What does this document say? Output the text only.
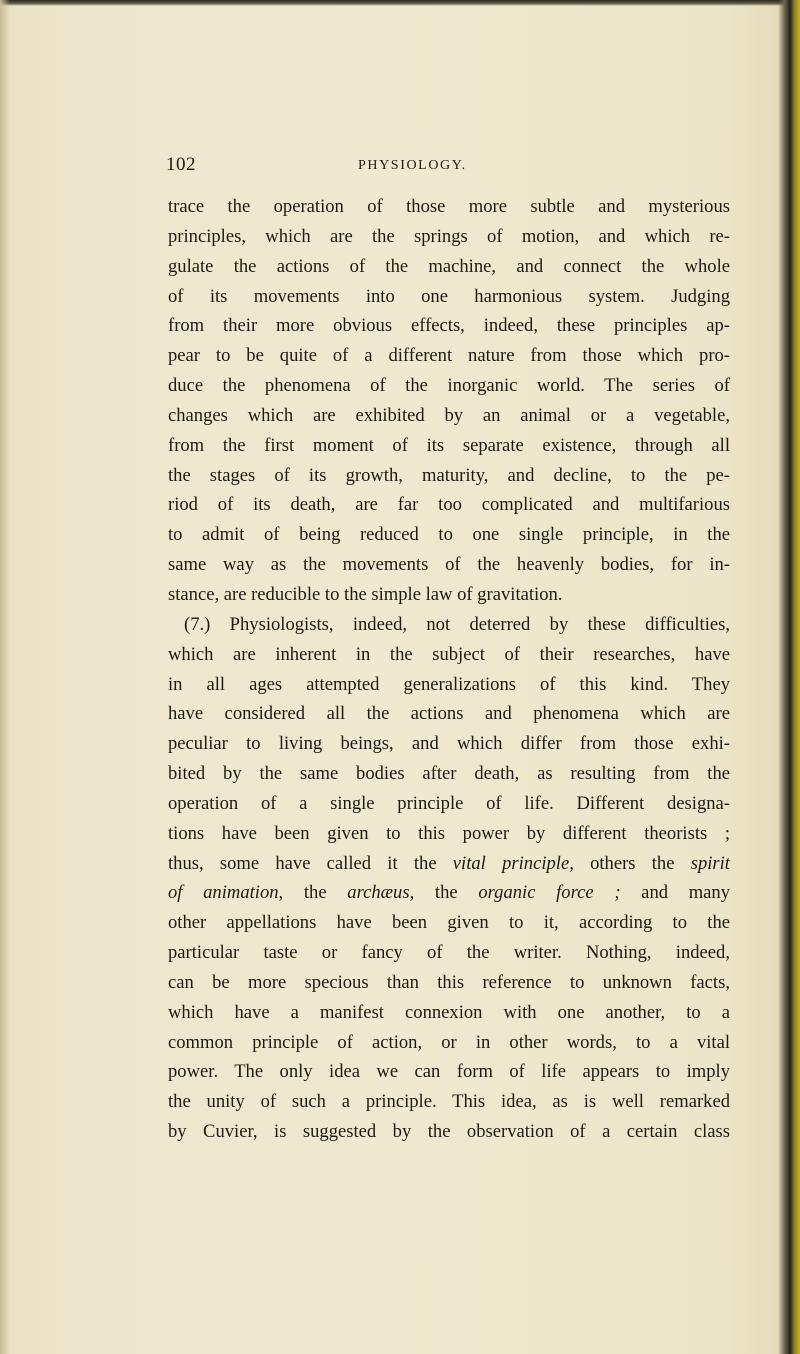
102	PHYSIOLOGY.
trace the operation of those more subtle and mysterious
principles, which are the springs of motion, and which re-
gulate the actions of the machine, and connect the whole
of its movements into one harmonious system. Judging
from their more obvious effects, indeed, these principles ap-
pear to be quite of a different nature from those which pro-
duce the phenomena of the inorganic world. The series of
changes which are exhibited by an animal or a vegetable,
from the first moment of its separate existence, through all
the stages of its growth, maturity, and decline, to the pe-
riod of its death, are far too complicated and multifarious
to admit of being reduced to one single principle, in the
same way as the movements of the heavenly bodies, for in-
stance, are reducible to the simple law of gravitation.
(7.) Physiologists, indeed, not deterred by these difficulties,
which are inherent in the subject of their researches, have
in all ages attempted generalizations of this kind. They
have considered all the actions and phenomena which are
peculiar to living beings, and which differ from those exhi-
bited by the same bodies after death, as resulting from the
operation of a single principle of life. Different designa-
tions have been given to this power by different theorists ;
thus, some have called it the vital principle, others the spirit
of animation, the archæus, the organic force ; and many
other appellations have been given to it, according to the
particular taste or fancy of the writer. Nothing, indeed,
can be more specious than this reference to unknown facts,
which have a manifest connexion with one another, to a
common principle of action, or in other words, to a vital
power. The only idea we can form of life appears to imply
the unity of such a principle. This idea, as is well remarked
by Cuvier, is suggested by the observation of a certain class
